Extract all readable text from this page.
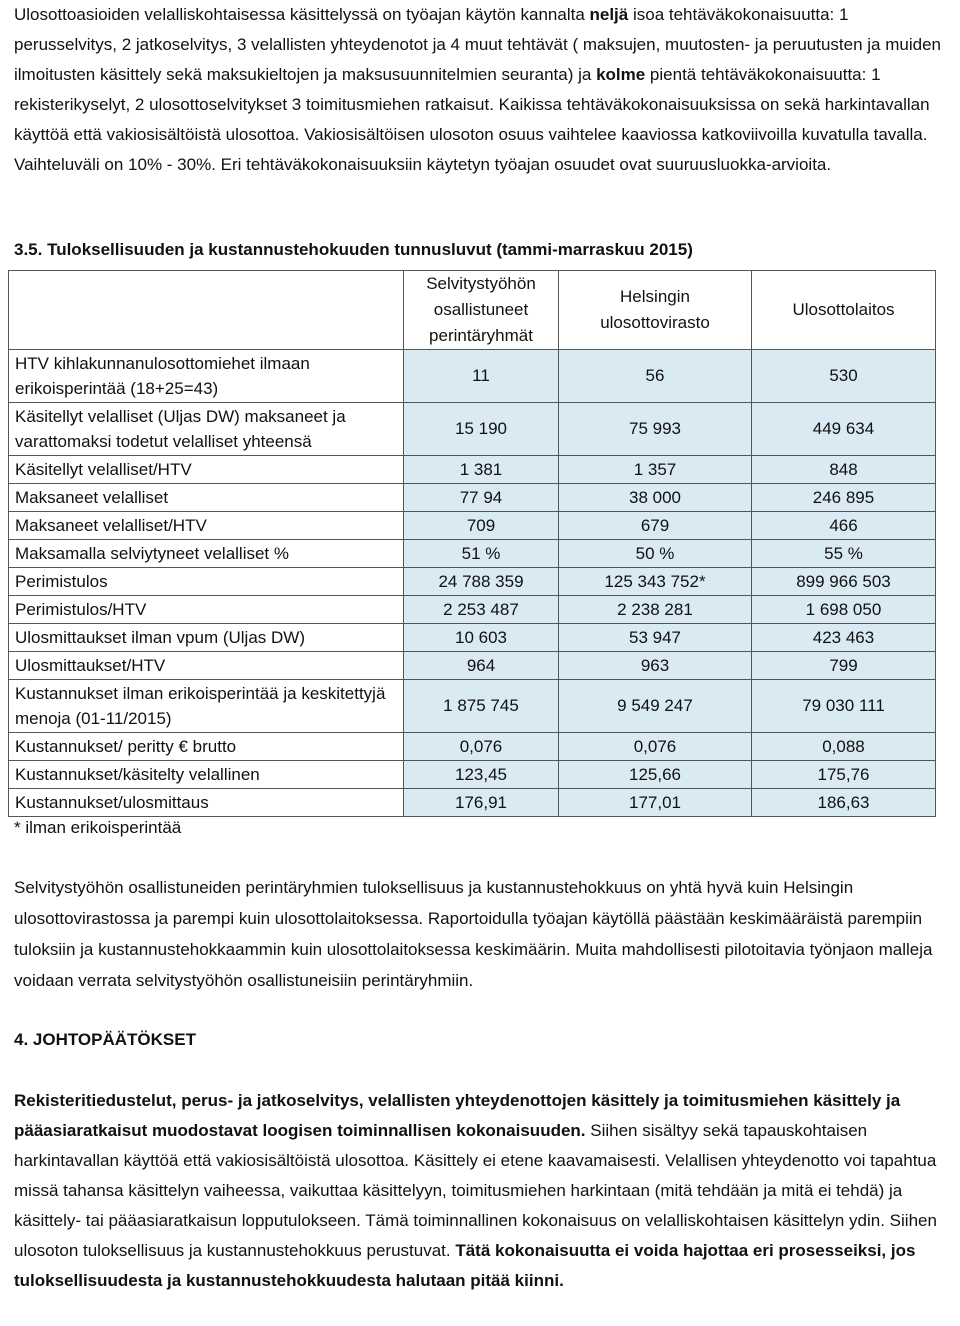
Ulosottoasioiden velalliskohtaisessa käsittelyssä on työajan käytön kannalta neljä isoa tehtäväkokonaisuutta: 1 perusselvitys, 2 jatkoselvitys, 3 velallisten yhteydenotot ja 4 muut tehtävät ( maksujen, muutosten- ja peruutusten ja muiden ilmoitusten käsittely sekä maksukieltojen ja maksusuunnitelmien seuranta) ja kolme pientä tehtäväkokonaisuutta: 1 rekisterikyselyt, 2 ulosottoselvitykset 3 toimitusmiehen ratkaisut. Kaikissa tehtäväkokonaisuuksissa on sekä harkintavallan käyttöä että vakiosisältöistä ulosottoa. Vakiosisältöisen ulosoton osuus vaihtelee kaaviossa katkoviivoilla kuvatulla tavalla. Vaihteluväli on 10% - 30%. Eri tehtäväkokonaisuuksiin käytetyn työajan osuudet ovat suuruusluokka-arvioita.

3.5. Tuloksellisuuden ja kustannustehokuuden tunnusluvut (tammi-marraskuu 2015)

	Selvitystyöhön osallistuneet perintäryhmät	Helsingin ulosottovirasto	Ulosottolaitos
HTV kihlakunnanulosottomiehet ilmaan erikoisperintää (18+25=43)	11	56	530
Käsitellyt velalliset (Uljas DW) maksaneet ja varattomaksi todetut velalliset yhteensä	15 190	75 993	449 634
Käsitellyt velalliset/HTV	1 381	1 357	848
Maksaneet velalliset	77 94	38 000	246 895
Maksaneet velalliset/HTV	709	679	466
Maksamalla selviytyneet velalliset %	51 %	50 %	55 %
Perimistulos	24 788 359	125 343 752*	899 966 503
Perimistulos/HTV	2 253 487	2 238 281	1 698 050
Ulosmittaukset ilman vpum (Uljas DW)	10 603	53 947	423 463
Ulosmittaukset/HTV	964	963	799
Kustannukset ilman erikoisperintää ja keskitettyjä menoja (01-11/2015)	1 875 745	9 549 247	79 030 111
Kustannukset/ peritty € brutto	0,076	0,076	0,088
Kustannukset/käsitelty velallinen	123,45	125,66	175,76
Kustannukset/ulosmittaus	176,91	177,01	186,63
* ilman erikoisperintää

Selvitystyöhön osallistuneiden perintäryhmien tuloksellisuus ja kustannustehokkuus on yhtä hyvä kuin Helsingin ulosottovirastossa ja parempi kuin ulosottolaitoksessa. Raportoidulla työajan käytöllä päästään keskimääräistä parempiin tuloksiin ja kustannustehokkaammin kuin ulosottolaitoksessa keskimäärin. Muita mahdollisesti pilotoitavia työnjaon malleja voidaan verrata selvitystyöhön osallistuneisiin perintäryhmiin.

4. JOHTOPÄÄTÖKSET

Rekisteritiedustelut, perus- ja jatkoselvitys, velallisten yhteydenottojen käsittely ja toimitusmiehen käsittely ja pääasiaratkaisut muodostavat loogisen toiminnallisen kokonaisuuden. Siihen sisältyy sekä tapauskohtaisen harkintavallan käyttöä että vakiosisältöistä ulosottoa. Käsittely ei etene kaavamaisesti. Velallisen yhteydenotto voi tapahtua missä tahansa käsittelyn vaiheessa, vaikuttaa käsittelyyn, toimitusmiehen harkintaan (mitä tehdään ja mitä ei tehdä) ja käsittely- tai pääasiaratkaisun lopputulokseen. Tämä toiminnallinen kokonaisuus on velalliskohtaisen käsittelyn ydin. Siihen ulosoton tuloksellisuus ja kustannustehokkuus perustuvat. Tätä kokonaisuutta ei voida hajottaa eri prosesseiksi, jos tuloksellisuudesta ja kustannustehokkuudesta halutaan pitää kiinni.
